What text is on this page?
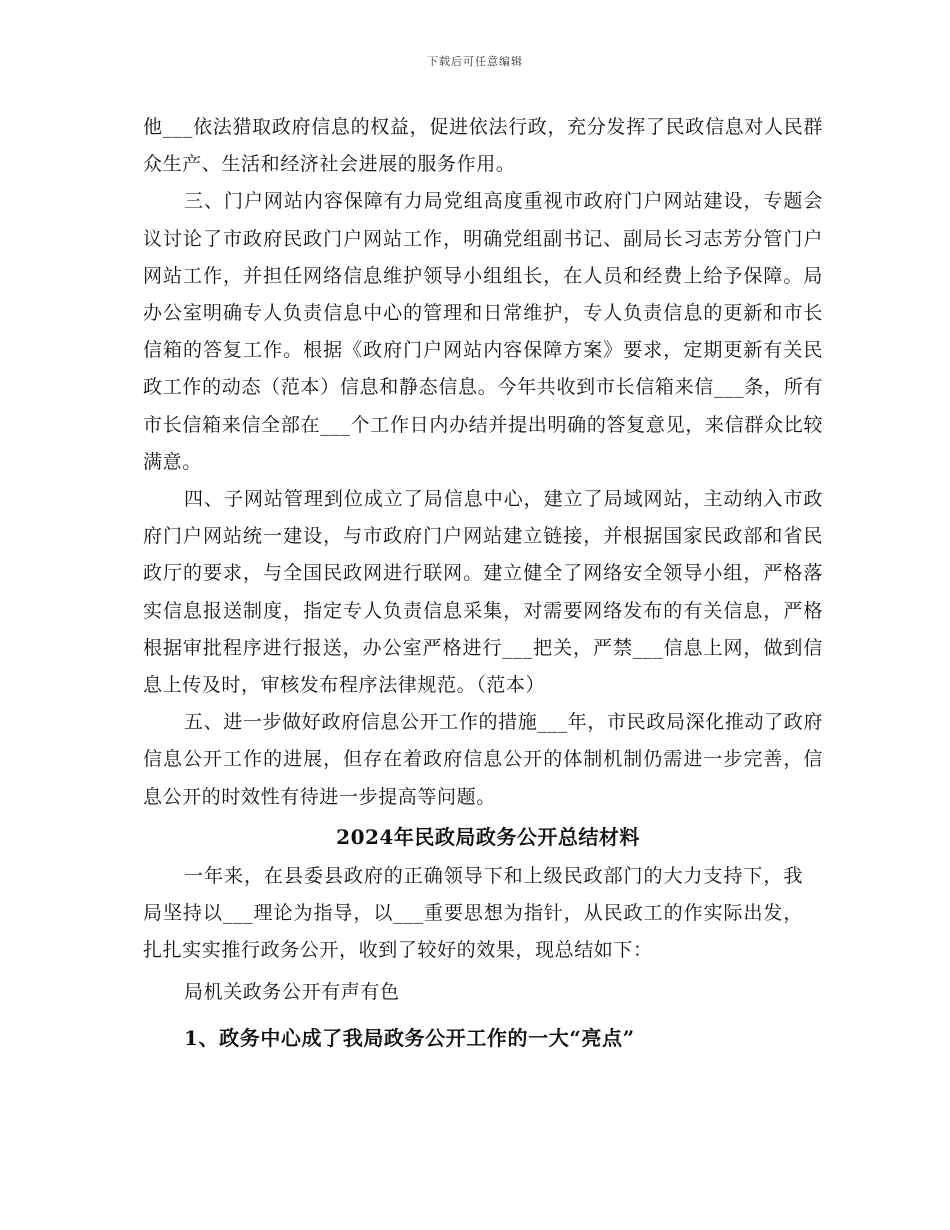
下载后可任意编辑

他___依法猎取政府信息的权益，促进依法行政，充分发挥了民政信息对人民群众生产、生活和经济社会进展的服务作用。

三、门户网站内容保障有力局党组高度重视市政府门户网站建设，专题会议讨论了市政府民政门户网站工作，明确党组副书记、副局长习志芳分管门户网站工作，并担任网络信息维护领导小组组长，在人员和经费上给予保障。局办公室明确专人负责信息中心的管理和日常维护，专人负责信息的更新和市长信箱的答复工作。根据《政府门户网站内容保障方案》要求，定期更新有关民政工作的动态（范本）信息和静态信息。今年共收到市长信箱来信___条，所有市长信箱来信全部在___个工作日内办结并提出明确的答复意见，来信群众比较满意。

四、子网站管理到位成立了局信息中心，建立了局域网站，主动纳入市政府门户网站统一建设，与市政府门户网站建立链接，并根据国家民政部和省民政厅的要求，与全国民政网进行联网。建立健全了网络安全领导小组，严格落实信息报送制度，指定专人负责信息采集，对需要网络发布的有关信息，严格根据审批程序进行报送，办公室严格进行___把关，严禁___信息上网，做到信息上传及时，审核发布程序法律规范。（范本）

五、进一步做好政府信息公开工作的措施___年，市民政局深化推动了政府信息公开工作的进展，但存在着政府信息公开的体制机制仍需进一步完善，信息公开的时效性有待进一步提高等问题。

2024年民政局政务公开总结材料

一年来，在县委县政府的正确领导下和上级民政部门的大力支持下，我局坚持以___理论为指导，以___重要思想为指针，从民政工的作实际出发，扎扎实实推行政务公开，收到了较好的效果，现总结如下：

局机关政务公开有声有色

1、政务中心成了我局政务公开工作的一大“亮点”
